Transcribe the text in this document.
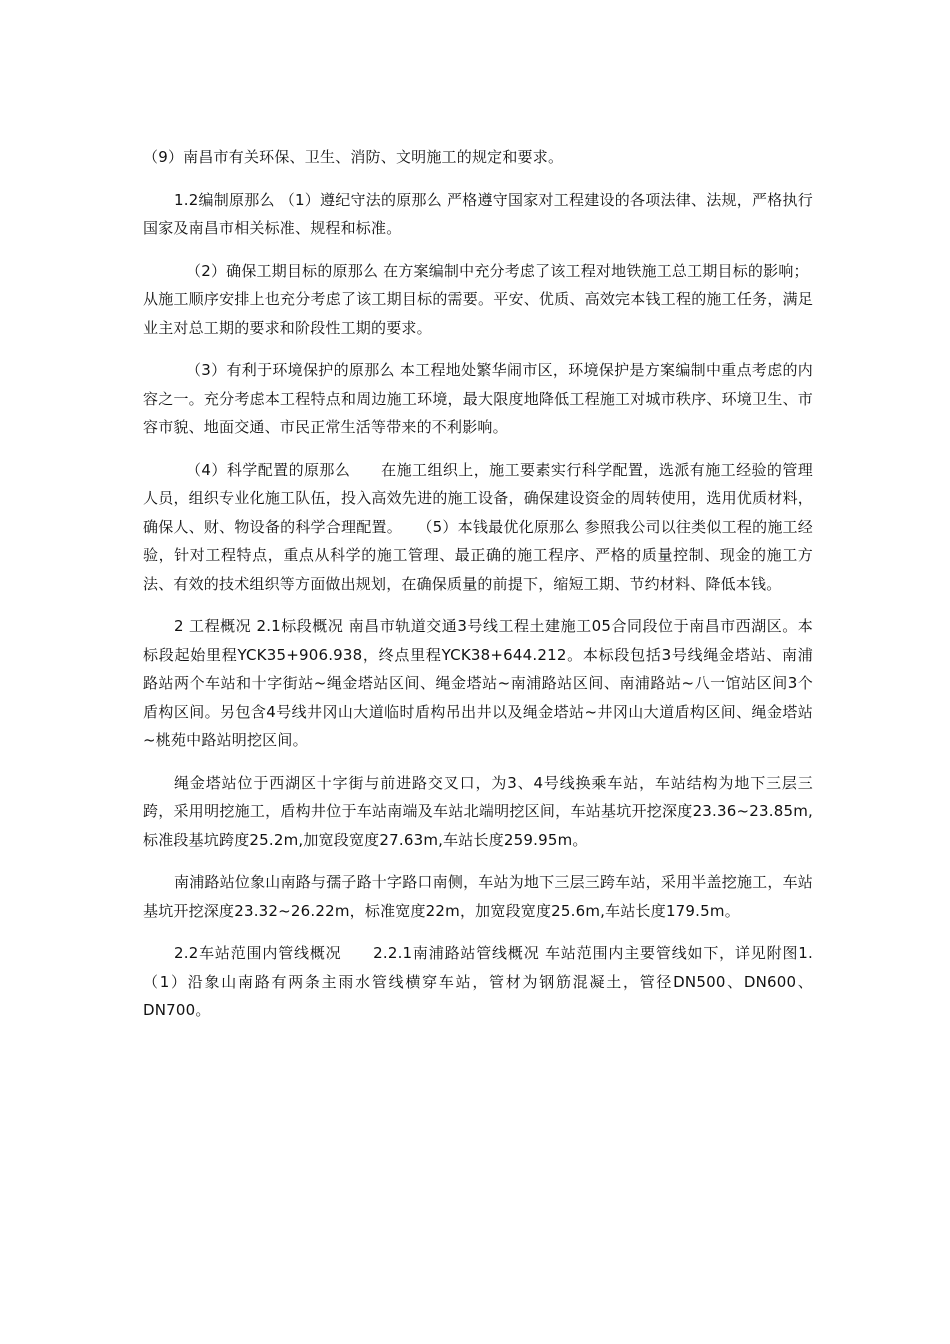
（9）南昌市有关环保、卫生、消防、文明施工的规定和要求。

1.2编制原那么 （1）遵纪守法的原那么 严格遵守国家对工程建设的各项法律、法规，严格执行国家及南昌市相关标准、规程和标准。

（2）确保工期目标的原那么 在方案编制中充分考虑了该工程对地铁施工总工期目标的影响；

从施工顺序安排上也充分考虑了该工期目标的需要。平安、优质、高效完本钱工程的施工任务，满足业主对总工期的要求和阶段性工期的要求。

（3）有利于环境保护的原那么 本工程地处繁华闹市区，环境保护是方案编制中重点考虑的内容之一。充分考虑本工程特点和周边施工环境，最大限度地降低工程施工对城市秩序、环境卫生、市容市貌、地面交通、市民正常生活等带来的不利影响。

（4）科学配置的原那么　　在施工组织上，施工要素实行科学配置，选派有施工经验的管理人员，组织专业化施工队伍，投入高效先进的施工设备，确保建设资金的周转使用，选用优质材料，确保人、财、物设备的科学合理配置。　　（5）本钱最优化原那么 参照我公司以往类似工程的施工经验，针对工程特点，重点从科学的施工管理、最正确的施工程序、严格的质量控制、现金的施工方法、有效的技术组织等方面做出规划，在确保质量的前提下，缩短工期、节约材料、降低本钱。

2 工程概况 2.1标段概况 南昌市轨道交通3号线工程土建施工05合同段位于南昌市西湖区。本标段起始里程YCK35+906.938，终点里程YCK38+644.212。本标段包括3号线绳金塔站、南浦路站两个车站和十字街站~绳金塔站区间、绳金塔站~南浦路站区间、南浦路站~八一馆站区间3个盾构区间。另包含4号线井冈山大道临时盾构吊出井以及绳金塔站~井冈山大道盾构区间、绳金塔站~桃苑中路站明挖区间。

绳金塔站位于西湖区十字街与前进路交叉口，为3、4号线换乘车站，车站结构为地下三层三跨，采用明挖施工，盾构井位于车站南端及车站北端明挖区间，车站基坑开挖深度23.36~23.85m,标准段基坑跨度25.2m,加宽段宽度27.63m,车站长度259.95m。

南浦路站位象山南路与孺子路十字路口南侧，车站为地下三层三跨车站，采用半盖挖施工，车站基坑开挖深度23.32~26.22m，标准宽度22m，加宽段宽度25.6m,车站长度179.5m。

2.2车站范围内管线概况　　2.2.1南浦路站管线概况 车站范围内主要管线如下，详见附图1.（1）沿象山南路有两条主雨水管线横穿车站，管材为钢筋混凝土，管径DN500、DN600、DN700。
